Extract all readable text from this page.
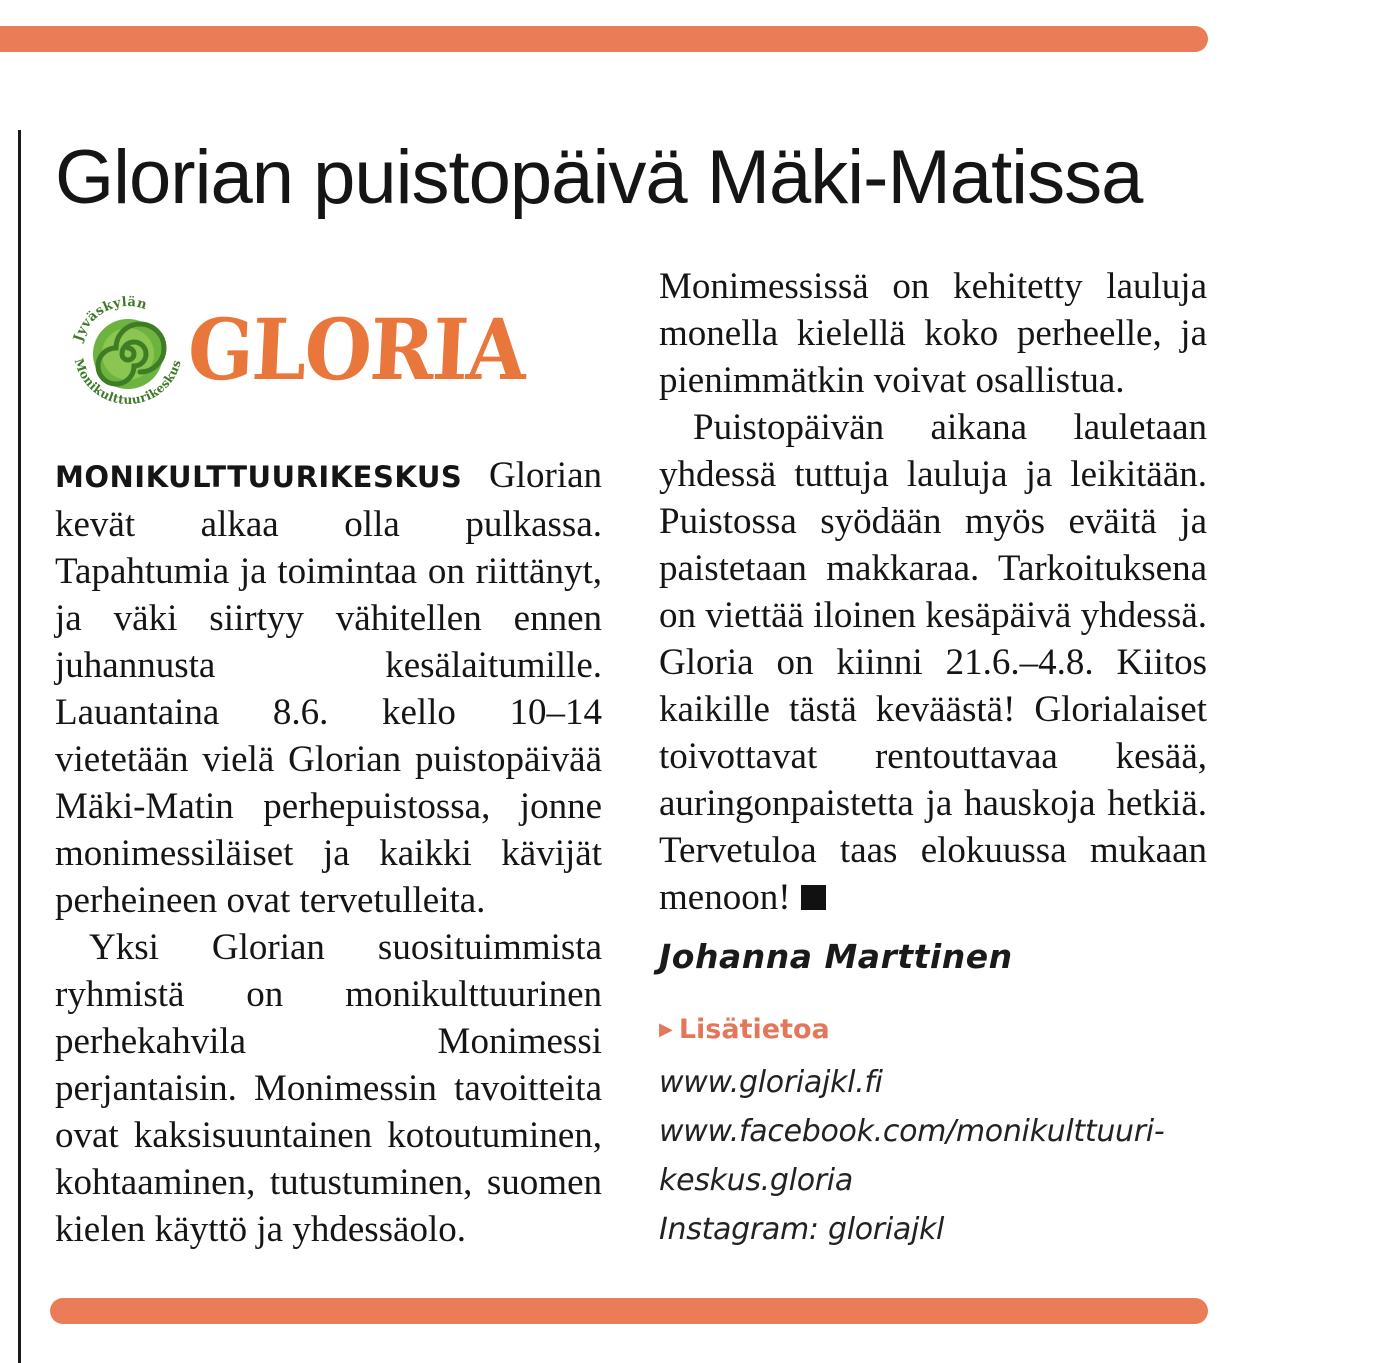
Glorian puistopäivä Mäki-Matissa
Jyväskylän
Monikulttuurikeskus GLORIA

MONIKULTTUURIKESKUS Glorian kevät alkaa olla pulkassa. Tapahtumia ja toimintaa on riittänyt, ja väki siirtyy vähitellen ennen juhannusta kesälaitumille. Lauantaina 8.6. kello 10–14 vietetään vielä Glorian puistopäivää Mäki-Matin perhepuistossa, jonne monimessiläiset ja kaikki kävijät perheineen ovat tervetulleita.

Yksi Glorian suosituimmista ryhmistä on monikulttuurinen perhekahvila Monimessi perjantaisin. Monimessin tavoitteita ovat kaksisuuntainen kotoutuminen, kohtaaminen, tutustuminen, suomen kielen käyttö ja yhdessäolo.

Monimessissä on kehitetty lauluja monella kielellä koko perheelle, ja pienimmätkin voivat osallistua.

Puistopäivän aikana lauletaan yhdessä tuttuja lauluja ja leikitään. Puistossa syödään myös eväitä ja paistetaan makkaraa. Tarkoituksena on viettää iloinen kesäpäivä yhdessä. Gloria on kiinni 21.6.–4.8. Kiitos kaikille tästä keväästä! Glorialaiset toivottavat rentouttavaa kesää, auringonpaistetta ja hauskoja hetkiä. Tervetuloa taas elokuussa mukaan menoon!

Johanna Marttinen
▶ Lisätietoa
www.gloriajkl.fi
www.facebook.com/monikulttuuri-
keskus.gloria
Instagram: gloriajkl
